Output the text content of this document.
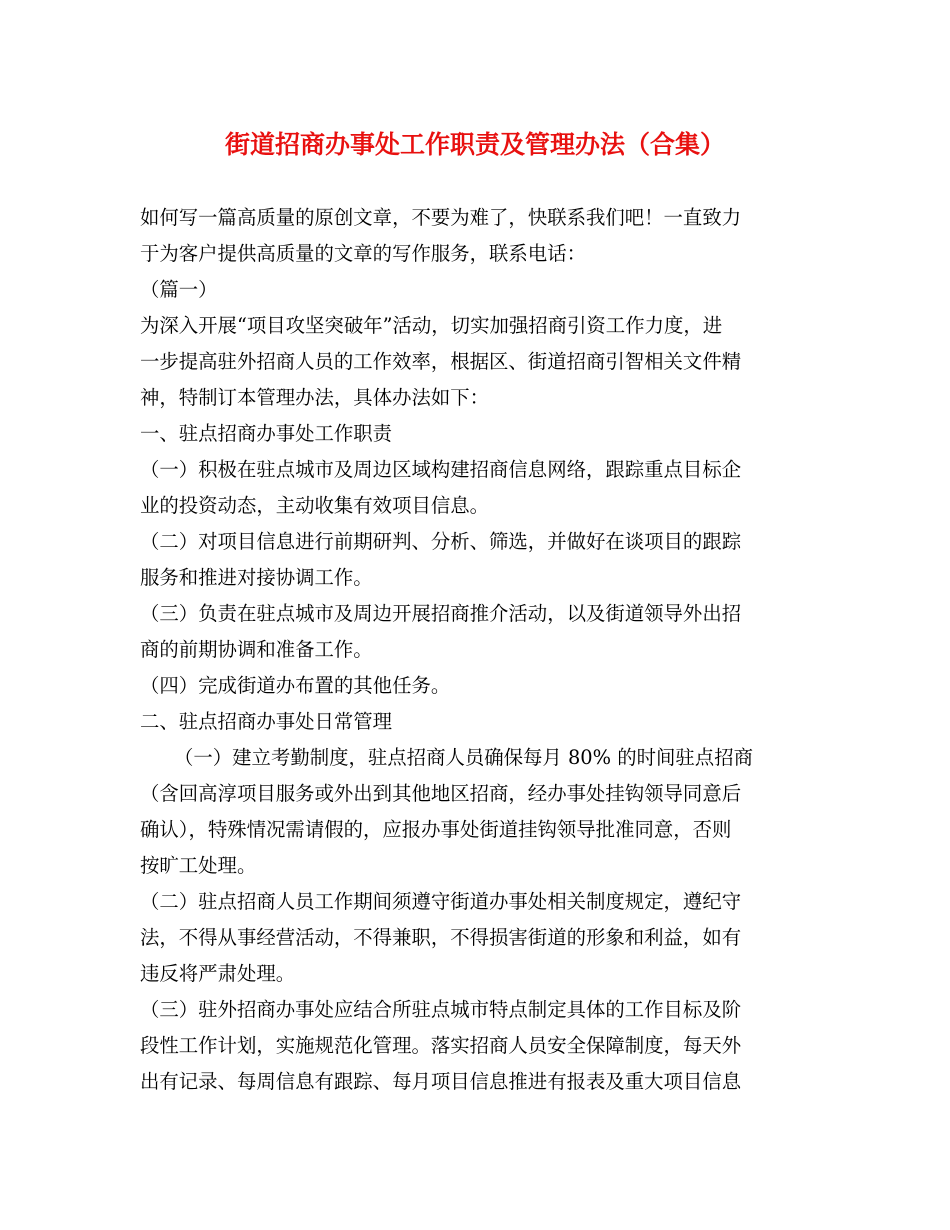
街道招商办事处工作职责及管理办法（合集）
如何写一篇高质量的原创文章，不要为难了，快联系我们吧！一直致力
于为客户提供高质量的文章的写作服务，联系电话：
（篇一）
为深入开展“项目攻坚突破年”活动，切实加强招商引资工作力度，进
一步提高驻外招商人员的工作效率，根据区、街道招商引智相关文件精
神，特制订本管理办法，具体办法如下：
一、驻点招商办事处工作职责
（一）积极在驻点城市及周边区域构建招商信息网络，跟踪重点目标企
业的投资动态，主动收集有效项目信息。
（二）对项目信息进行前期研判、分析、筛选，并做好在谈项目的跟踪
服务和推进对接协调工作。
（三）负责在驻点城市及周边开展招商推介活动，以及街道领导外出招
商的前期协调和准备工作。
（四）完成街道办布置的其他任务。
二、驻点招商办事处日常管理
（一）建立考勤制度，驻点招商人员确保每月 80% 的时间驻点招商
（含回高淳项目服务或外出到其他地区招商，经办事处挂钩领导同意后
确认），特殊情况需请假的，应报办事处街道挂钩领导批准同意，否则
按旷工处理。
（二）驻点招商人员工作期间须遵守街道办事处相关制度规定，遵纪守
法，不得从事经营活动，不得兼职，不得损害街道的形象和利益，如有
违反将严肃处理。
（三）驻外招商办事处应结合所驻点城市特点制定具体的工作目标及阶
段性工作计划，实施规范化管理。落实招商人员安全保障制度，每天外
出有记录、每周信息有跟踪、每月项目信息推进有报表及重大项目信息
